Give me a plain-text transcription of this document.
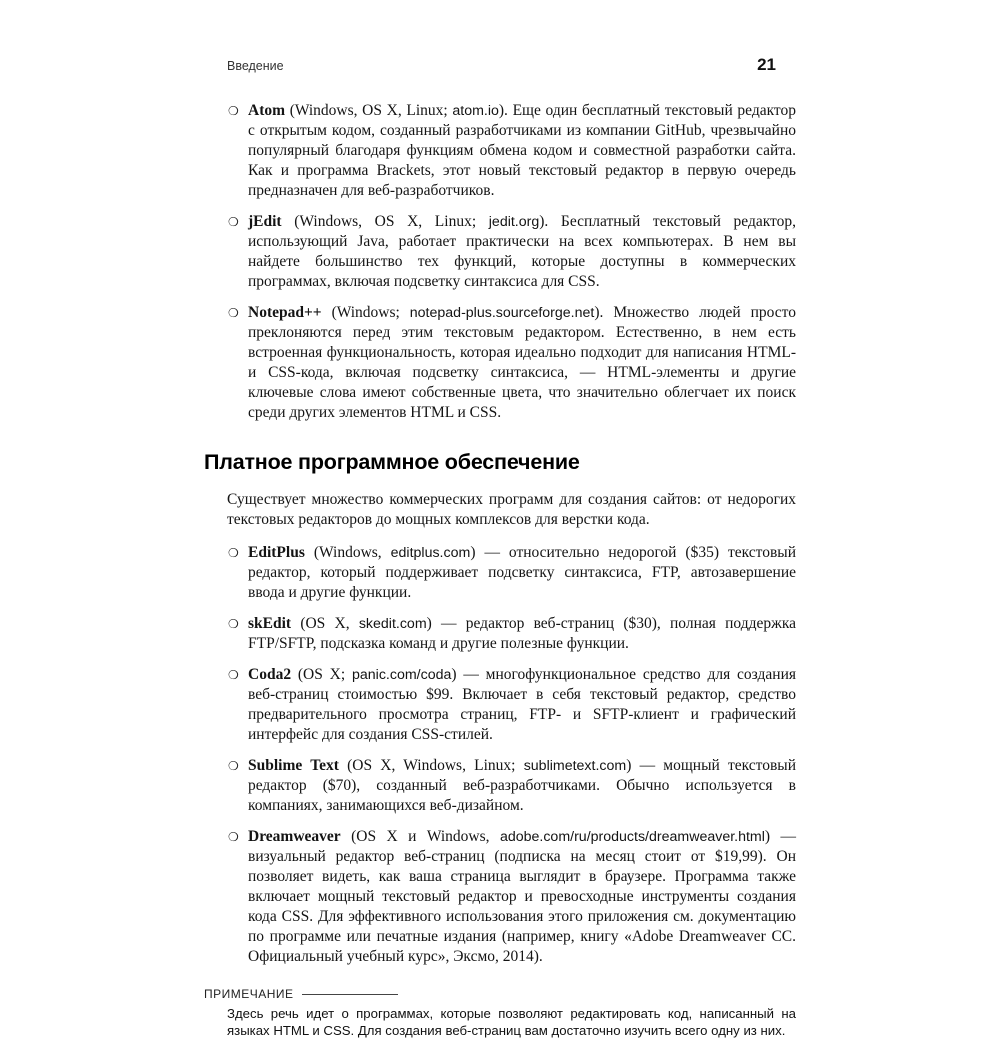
Введение	21
❍ Atom (Windows, OS X, Linux; atom.io). Еще один бесплатный текстовый редактор с открытым кодом, созданный разработчиками из компании GitHub, чрезвычайно популярный благодаря функциям обмена кодом и совместной разработки сайта. Как и программа Brackets, этот новый текстовый редактор в первую очередь предназначен для веб-разработчиков.
❍ jEdit (Windows, OS X, Linux; jedit.org). Бесплатный текстовый редактор, использующий Java, работает практически на всех компьютерах. В нем вы найдете большинство тех функций, которые доступны в коммерческих программах, включая подсветку синтаксиса для CSS.
❍ Notepad++ (Windows; notepad-plus.sourceforge.net). Множество людей просто преклоняются перед этим текстовым редактором. Естественно, в нем есть встроенная функциональность, которая идеально подходит для написания HTML- и CSS-кода, включая подсветку синтаксиса, — HTML-элементы и другие ключевые слова имеют собственные цвета, что значительно облегчает их поиск среди других элементов HTML и CSS.
Платное программное обеспечение

Существует множество коммерческих программ для создания сайтов: от недорогих текстовых редакторов до мощных комплексов для верстки кода.

❍ EditPlus (Windows, editplus.com) — относительно недорогой ($35) текстовый редактор, который поддерживает подсветку синтаксиса, FTP, автозавершение ввода и другие функции.
❍ skEdit (OS X, skedit.com) — редактор веб-страниц ($30), полная поддержка FTP/SFTP, подсказка команд и другие полезные функции.
❍ Coda2 (OS X; panic.com/coda) — многофункциональное средство для создания веб-страниц стоимостью $99. Включает в себя текстовый редактор, средство предварительного просмотра страниц, FTP- и SFTP-клиент и графический интерфейс для создания CSS-стилей.
❍ Sublime Text (OS X, Windows, Linux; sublimetext.com) — мощный текстовый редактор ($70), созданный веб-разработчиками. Обычно используется в компаниях, занимающихся веб-дизайном.
❍ Dreamweaver (OS X и Windows, adobe.com/ru/products/dreamweaver.html) — визуальный редактор веб-страниц (подписка на месяц стоит от $19,99). Он позволяет видеть, как ваша страница выглядит в браузере. Программа также включает мощный текстовый редактор и превосходные инструменты создания кода CSS. Для эффективного использования этого приложения см. документацию по программе или печатные издания (например, книгу «Adobe Dreamweaver CC. Официальный учебный курс», Эксмо, 2014).
ПРИМЕЧАНИЕ

Здесь речь идет о программах, которые позволяют редактировать код, написанный на языках HTML и CSS. Для создания веб-страниц вам достаточно изучить всего одну из них.
